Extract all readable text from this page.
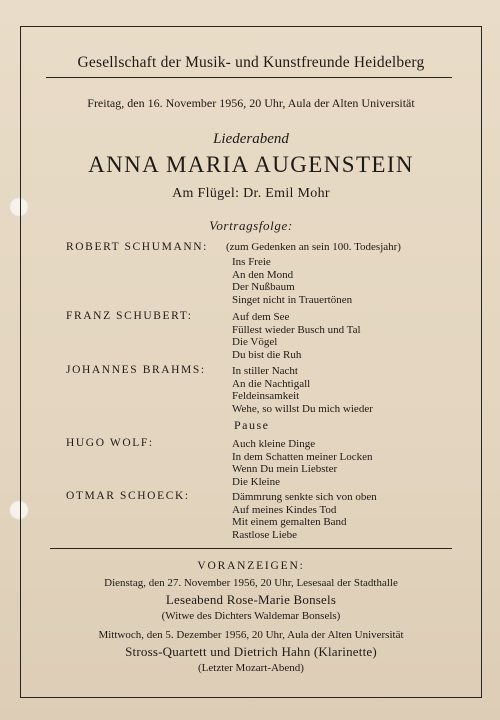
Gesellschaft der Musik- und Kunstfreunde Heidelberg
Freitag, den 16. November 1956, 20 Uhr, Aula der Alten Universität
Liederabend
ANNA MARIA AUGENSTEIN
Am Flügel: Dr. Emil Mohr
Vortragsfolge:
ROBERT SCHUMANN: (zum Gedenken an sein 100. Todesjahr)
Ins Freie
An den Mond
Der Nußbaum
Singet nicht in Trauertönen
FRANZ SCHUBERT:	Auf dem See
Füllest wieder Busch und Tal
Die Vögel
Du bist die Ruh
JOHANNES BRAHMS: In stiller Nacht
An die Nachtigall
Feldeinsamkeit
Wehe, so willst Du mich wieder
Pause
HUGO WOLF:	Auch kleine Dinge
In dem Schatten meiner Locken
Wenn Du mein Liebster
Die Kleine
OTMAR SCHOECK:	Dämmrung senkte sich von oben
Auf meines Kindes Tod
Mit einem gemalten Band
Rastlose Liebe
VORANZEIGEN:
Dienstag, den 27. November 1956, 20 Uhr, Lesesaal der Stadthalle
Leseabend Rose-Marie Bonsels
(Witwe des Dichters Waldemar Bonsels)
Mittwoch, den 5. Dezember 1956, 20 Uhr, Aula der Alten Universität
Stross-Quartett und Dietrich Hahn (Klarinette)
(Letzter Mozart-Abend)
